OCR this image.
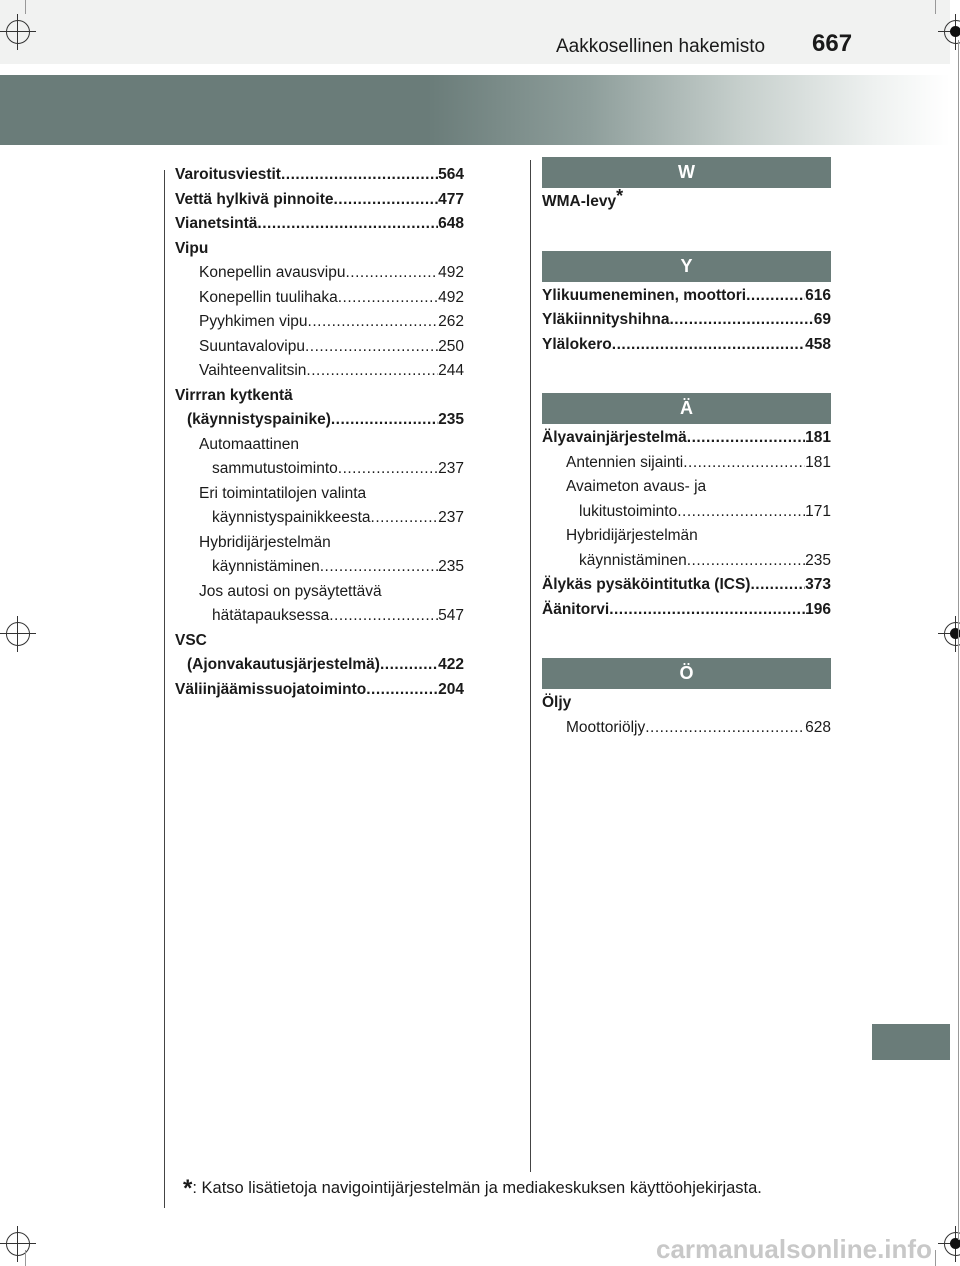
Aakkosellinen hakemisto 667
Varoitusviestit .....	564
Vettä hylkivä pinnoite .....	477
Vianetsintä .....	648
Vipu
Konepellin avausvipu .....	492
Konepellin tuulihaka .....	492
Pyyhkimen vipu .....	262
Suuntavalovipu .....	250
Vaihteenvalitsin .....	244
Virrran kytkentä
(käynnistyspainike) .....	235
Automaattinen
sammutustoiminto .....	237
Eri toimintatilojen valinta
käynnistyspainikkeesta .....	237
Hybridijärjestelmän
käynnistäminen .....	235
Jos autosi on pysäytettävä
hätätapauksessa .....	547
VSC
(Ajonvakautusjärjestelmä) .....	422
Väliinjäämissuojatoiminto .....	204
W
WMA-levy*
Y
Ylikuumeneminen, moottori .....	616
Yläkiinnityshihna .....	69
Ylälokero .....	458
Ä
Älyavainjärjestelmä .....	181
Antennien sijainti .....	181
Avaimeton avaus- ja
lukitustoiminto .....	171
Hybridijärjestelmän
käynnistäminen .....	235
Älykäs pysäköintitutka (ICS) .....	373
Äänitorvi .....	196
Ö
Öljy
Moottoriöljy .....	628
*: Katso lisätietoja navigointijärjestelmän ja mediakeskuksen käyttöohjekirjasta.
carmanualsonline.info
